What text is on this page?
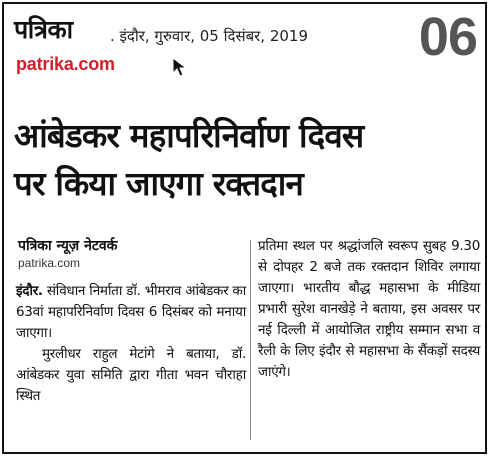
पत्रिका . इंदौर, गुरुवार, 05 दिसंबर, 2019
patrika.com	06
आंबेडकर महापरिनिर्वाण दिवस
पर किया जाएगा रक्तदान
पत्रिका न्यूज़ नेटवर्क
patrika.com

इंदौर. संविधान निर्माता डॉ. भीमराव आंबेडकर का 63वां महापरिनिर्वाण दिवस 6 दिसंबर को मनाया जाएगा।

मुरलीधर राहुल मेटांगे ने बताया, डॉ. आंबेडकर युवा समिति द्वारा गीता भवन चौराहा स्थित

प्रतिमा स्थल पर श्रद्धांजलि स्वरूप सुबह 9.30 से दोपहर 2 बजे तक रक्तदान शिविर लगाया जाएगा। भारतीय बौद्ध महासभा के मीडिया प्रभारी सुरेश वानखेड़े ने बताया, इस अवसर पर नई दिल्ली में आयोजित राष्ट्रीय सम्मान सभा व रैली के लिए इंदौर से महासभा के सैंकड़ों सदस्य जाएंगे।
